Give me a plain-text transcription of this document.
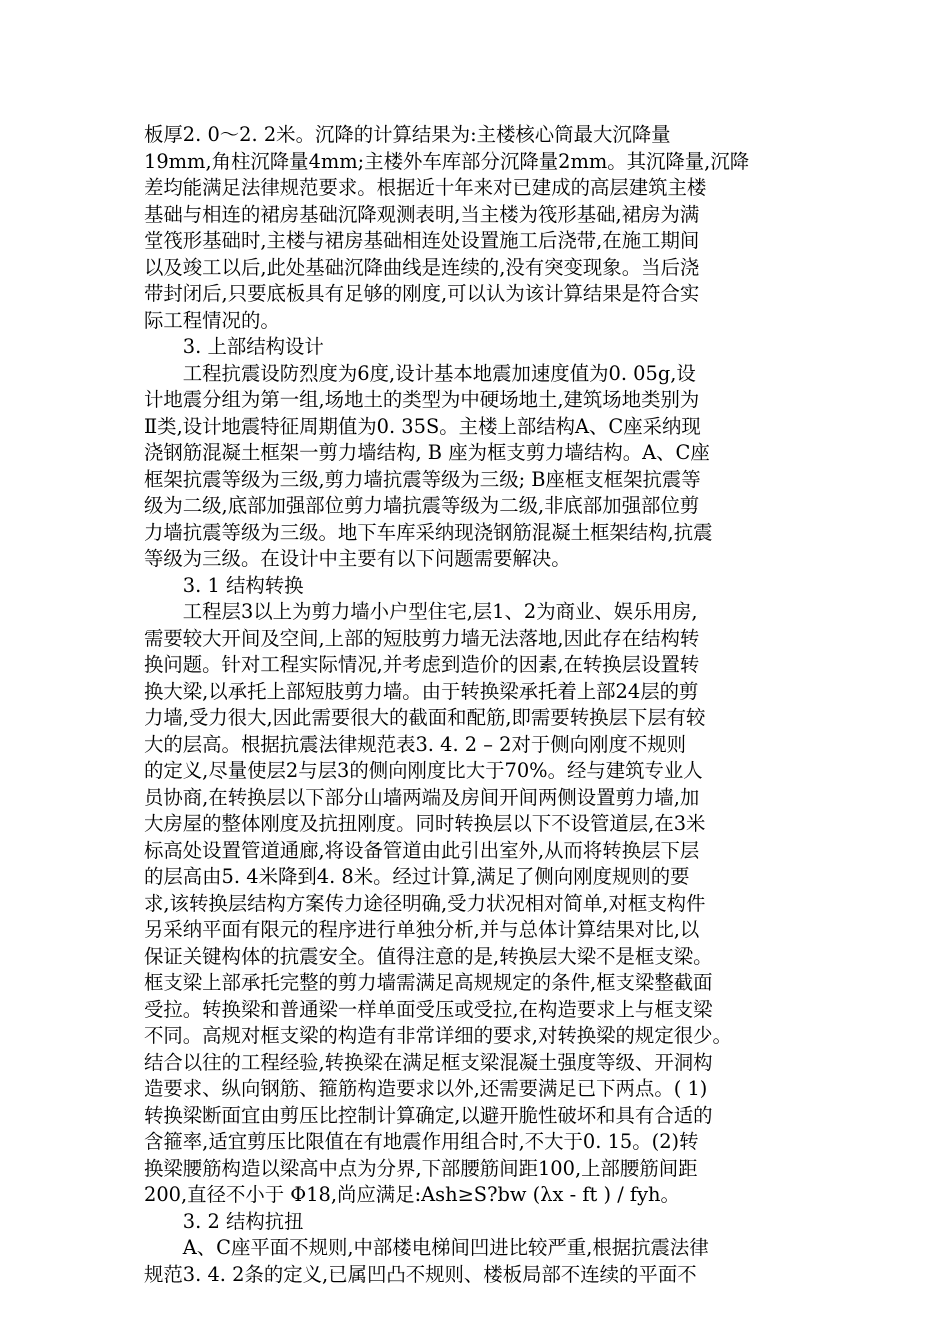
板厚2. 0～2. 2米。沉降的计算结果为:主楼核心筒最大沉降量
19mm,角柱沉降量4mm;主楼外车库部分沉降量2mm。其沉降量,沉降
差均能满足法律规范要求。根据近十年来对已建成的高层建筑主楼
基础与相连的裙房基础沉降观测表明,当主楼为筏形基础,裙房为满
堂筏形基础时,主楼与裙房基础相连处设置施工后浇带,在施工期间
以及竣工以后,此处基础沉降曲线是连续的,没有突变现象。当后浇
带封闭后,只要底板具有足够的刚度,可以认为该计算结果是符合实
际工程情况的。
　　3. 上部结构设计
　　工程抗震设防烈度为6度,设计基本地震加速度值为0. 05g,设
计地震分组为第一组,场地土的类型为中硬场地土,建筑场地类别为
Ⅱ类,设计地震特征周期值为0. 35S。主楼上部结构A、C座采纳现
浇钢筋混凝土框架一剪力墙结构, B 座为框支剪力墙结构。A、C座
框架抗震等级为三级,剪力墙抗震等级为三级; B座框支框架抗震等
级为二级,底部加强部位剪力墙抗震等级为二级,非底部加强部位剪
力墙抗震等级为三级。地下车库采纳现浇钢筋混凝土框架结构,抗震
等级为三级。在设计中主要有以下问题需要解决。
　　3. 1 结构转换
　　工程层3以上为剪力墙小户型住宅,层1、2为商业、娱乐用房,
需要较大开间及空间,上部的短肢剪力墙无法落地,因此存在结构转
换问题。针对工程实际情况,并考虑到造价的因素,在转换层设置转
换大梁,以承托上部短肢剪力墙。由于转换梁承托着上部24层的剪
力墙,受力很大,因此需要很大的截面和配筋,即需要转换层下层有较
大的层高。根据抗震法律规范表3. 4. 2 – 2对于侧向刚度不规则
的定义,尽量使层2与层3的侧向刚度比大于70%。经与建筑专业人
员协商,在转换层以下部分山墙两端及房间开间两侧设置剪力墙,加
大房屋的整体刚度及抗扭刚度。同时转换层以下不设管道层,在3米
标高处设置管道通廊,将设备管道由此引出室外,从而将转换层下层
的层高由5. 4米降到4. 8米。经过计算,满足了侧向刚度规则的要
求,该转换层结构方案传力途径明确,受力状况相对简单,对框支构件
另采纳平面有限元的程序进行单独分析,并与总体计算结果对比,以
保证关键构体的抗震安全。值得注意的是,转换层大梁不是框支梁。
框支梁上部承托完整的剪力墙需满足高规规定的条件,框支梁整截面
受拉。转换梁和普通梁一样单面受压或受拉,在构造要求上与框支梁
不同。高规对框支梁的构造有非常详细的要求,对转换梁的规定很少。
结合以往的工程经验,转换梁在满足框支梁混凝土强度等级、开洞构
造要求、纵向钢筋、箍筋构造要求以外,还需要满足已下两点。( 1)
转换梁断面宜由剪压比控制计算确定,以避开脆性破坏和具有合适的
含箍率,适宜剪压比限值在有地震作用组合时,不大于0. 15。(2)转
换梁腰筋构造以梁高中点为分界,下部腰筋间距100,上部腰筋间距
200,直径不小于 Φ18,尚应满足:Ash≥S?bw (λx - ft ) / fyh。
　　3. 2 结构抗扭
　　A、C座平面不规则,中部楼电梯间凹进比较严重,根据抗震法律
规范3. 4. 2条的定义,已属凹凸不规则、楼板局部不连续的平面不
